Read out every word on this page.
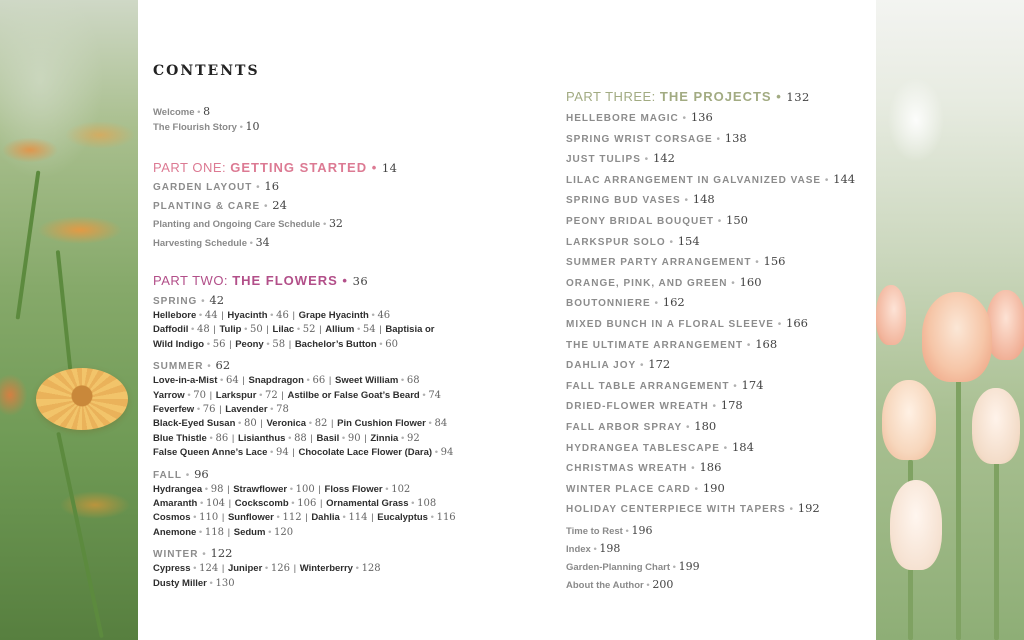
CONTENTS
Welcome • 8
The Flourish Story • 10
PART ONE: GETTING STARTED • 14
GARDEN LAYOUT • 16
PLANTING & CARE • 24
Planting and Ongoing Care Schedule • 32
Harvesting Schedule • 34
PART TWO: THE FLOWERS • 36
SPRING • 42
Hellebore • 44 | Hyacinth • 46 | Grape Hyacinth • 46
Daffodil • 48 | Tulip • 50 | Lilac • 52 | Allium • 54 | Baptisia or
Wild Indigo • 56 | Peony • 58 | Bachelor’s Button • 60
SUMMER • 62
Love-in-a-Mist • 64 | Snapdragon • 66 | Sweet William • 68
Yarrow • 70 | Larkspur • 72 | Astilbe or False Goat’s Beard • 74
Feverfew • 76 | Lavender • 78
Black-Eyed Susan • 80 | Veronica • 82 | Pin Cushion Flower • 84
Blue Thistle • 86 | Lisianthus • 88 | Basil • 90 | Zinnia • 92
False Queen Anne’s Lace • 94 | Chocolate Lace Flower (Dara) • 94
FALL • 96
Hydrangea • 98 | Strawflower • 100 | Floss Flower • 102
Amaranth • 104 | Cockscomb • 106 | Ornamental Grass • 108
Cosmos • 110 | Sunflower • 112 | Dahlia • 114 | Eucalyptus • 116
Anemone • 118 | Sedum • 120
WINTER • 122
Cypress • 124 | Juniper • 126 | Winterberry • 128
Dusty Miller • 130
PART THREE: THE PROJECTS • 132
HELLEBORE MAGIC • 136
SPRING WRIST CORSAGE • 138
JUST TULIPS • 142
LILAC ARRANGEMENT IN GALVANIZED VASE • 144
SPRING BUD VASES • 148
PEONY BRIDAL BOUQUET • 150
LARKSPUR SOLO • 154
SUMMER PARTY ARRANGEMENT • 156
ORANGE, PINK, AND GREEN • 160
BOUTONNIERE • 162
MIXED BUNCH IN A FLORAL SLEEVE • 166
THE ULTIMATE ARRANGEMENT • 168
DAHLIA JOY • 172
FALL TABLE ARRANGEMENT • 174
DRIED-FLOWER WREATH • 178
FALL ARBOR SPRAY • 180
HYDRANGEA TABLESCAPE • 184
CHRISTMAS WREATH • 186
WINTER PLACE CARD • 190
HOLIDAY CENTERPIECE WITH TAPERS • 192
Time to Rest • 196
Index • 198
Garden-Planning Chart • 199
About the Author • 200
